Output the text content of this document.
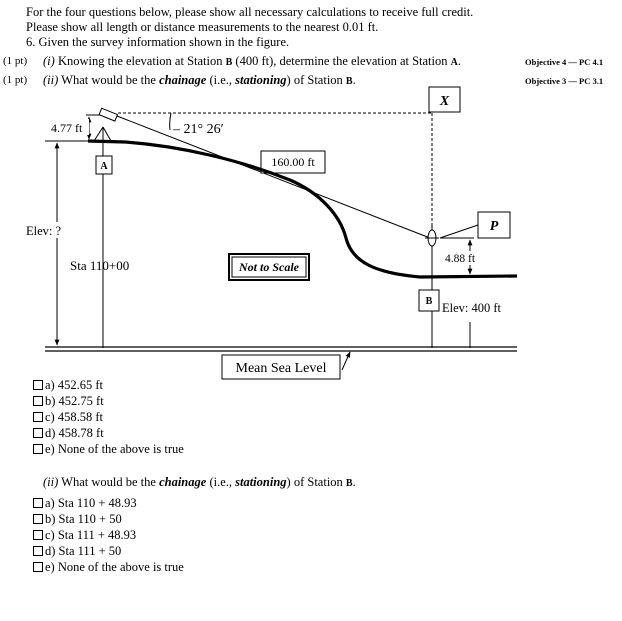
For the four questions below, please show all necessary calculations to receive full credit.
Please show all length or distance measurements to the nearest 0.01 ft.
6. Given the survey information shown in the figure.
(1 pt) (i) Knowing the elevation at Station B (400 ft), determine the elevation at Station A.	Objective 4 — PC 4.1
(1 pt) (ii) What would be the chainage (i.e., stationing) of Station B.	Objective 3 — PC 3.1
X
P
– 21° 26′
160.00 ft
4.77 ft
Elev: ?
A
Sta 110+00	Not to Scale
4.88 ft
B Elev: 400 ft
Mean Sea Level
a) 452.65 ft
b) 452.75 ft
c) 458.58 ft
d) 458.78 ft
e) None of the above is true
(ii) What would be the chainage (i.e., stationing) of Station B.
a) Sta 110 + 48.93
b) Sta 110 + 50
c) Sta 111 + 48.93
d) Sta 111 + 50
e) None of the above is true
